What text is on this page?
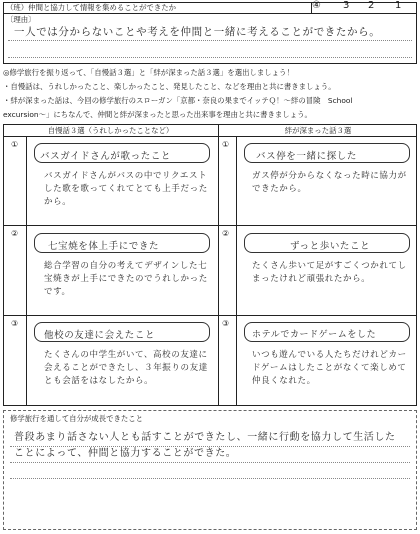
（班）仲間と協力して情報を集めることができたか	④ 3 2 1
〔理由〕
一人では分からないことや考えを仲間と一緒に考えることができたから。
◎修学旅行を振り返って、「自慢話３選」と「絆が深まった話３選」を選出しましょう！
・自慢話は、うれしかったこと、楽しかったこと、発見したこと、などを理由と共に書きましょう。
・絆が深まった話は、今回の修学旅行のスローガン「京都・奈良の果までイッテＱ！～絆の冒険　School
excursion～」にちなんで、仲間と絆が深まったと思った出来事を理由と共に書きましょう。
自慢話３選（うれしかったことなど）	絆が深まった話３選
①
バスガイドさんが歌ったこと
バスガイドさんがバスの中でリクエストした歌を歌ってくれてとても上手だったから。
②
七宝焼を体上手にできた
総合学習の自分の考えてデザインした七宝焼きが上手にできたのでうれしかったです。
③
他校の友達に会えたこと
たくさんの中学生がいて、高校の友達に会えることができたし、３年振りの友達とも会話をはなしたから。
①
バス停を一緒に探した
ガス停が分からなくなった時に協力ができたから。
②
ずっと歩いたこと
たくさん歩いて足がすごくつかれてしまったけれど頑張れたから。
③
ホテルでカードゲームをした
いつも遊んでいる人たちだけれどカードゲームはしたことがなくて楽しめて仲良くなれた。
修学旅行を通して自分が成長できたこと
普段あまり話さない人とも話すことができたし、一緒に行動を協力して生活したことによって、仲間と協力することができた。
